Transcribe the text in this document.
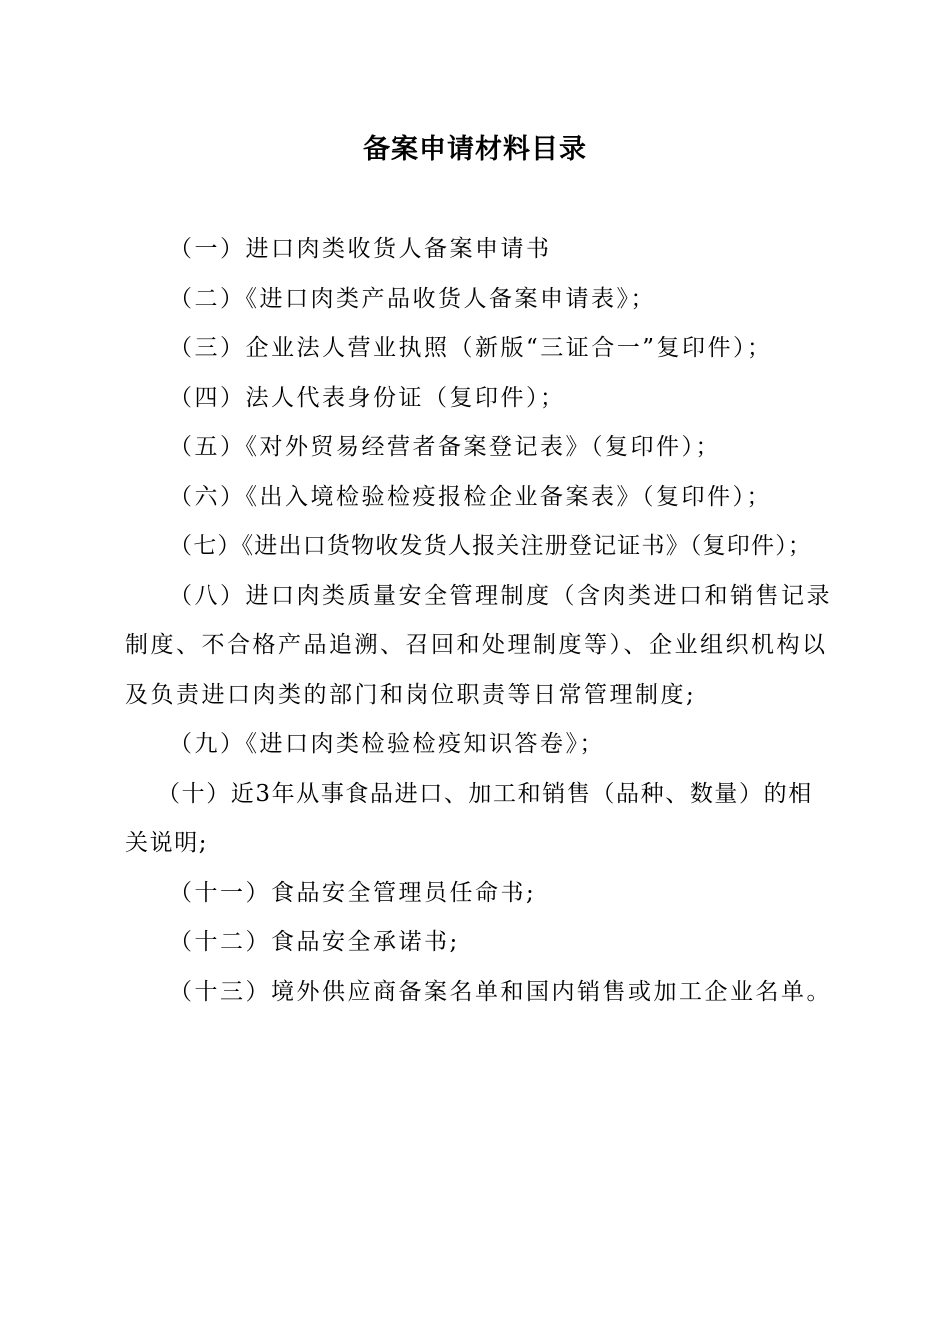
备案申请材料目录
（一）进口肉类收货人备案申请书
（二）《进口肉类产品收货人备案申请表》；
（三）企业法人营业执照（新版“三证合一”复印件）；
（四）法人代表身份证（复印件）；
（五）《对外贸易经营者备案登记表》（复印件）；
（六）《出入境检验检疫报检企业备案表》（复印件）；
（七）《进出口货物收发货人报关注册登记证书》（复印件）；
（八）进口肉类质量安全管理制度（含肉类进口和销售记录制度、不合格产品追溯、召回和处理制度等）、企业组织机构以及负责进口肉类的部门和岗位职责等日常管理制度;
（九）《进口肉类检验检疫知识答卷》；
（十）近3年从事食品进口、加工和销售（品种、数量）的相关说明;
（十一）食品安全管理员任命书;
（十二）食品安全承诺书;
（十三）境外供应商备案名单和国内销售或加工企业名单。
